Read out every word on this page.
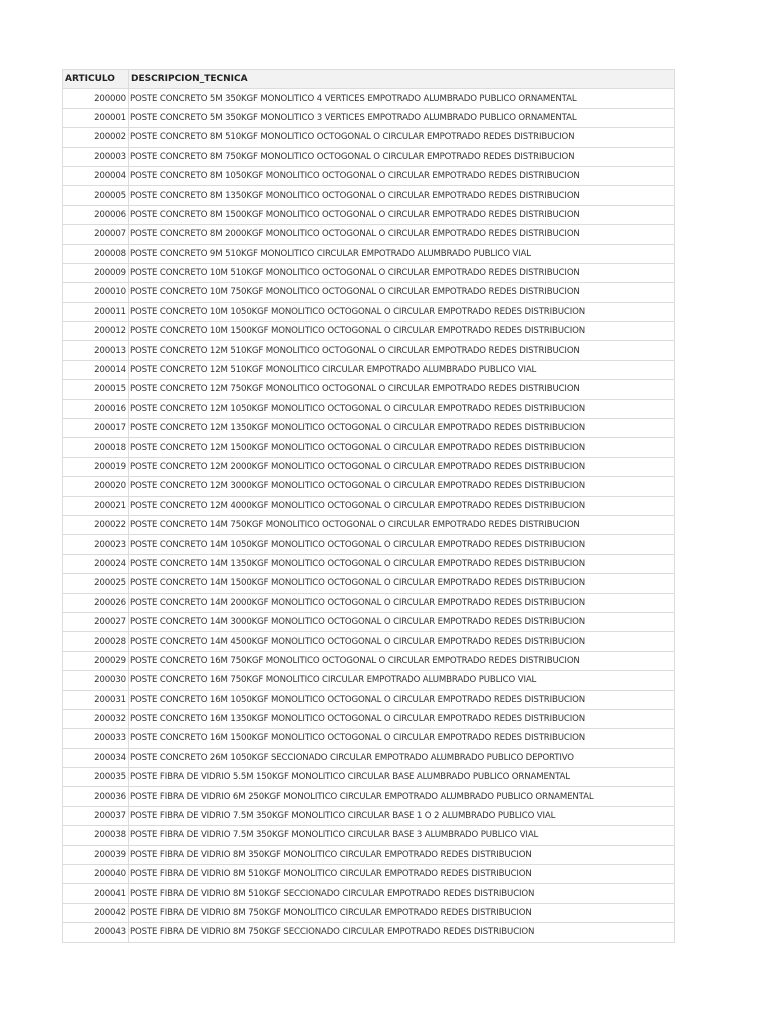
ARTICULO	DESCRIPCION_TECNICA
200000	POSTE CONCRETO 5M 350KGF MONOLITICO 4 VERTICES EMPOTRADO ALUMBRADO PUBLICO ORNAMENTAL
200001	POSTE CONCRETO 5M 350KGF MONOLITICO 3 VERTICES EMPOTRADO ALUMBRADO PUBLICO ORNAMENTAL
200002	POSTE CONCRETO 8M 510KGF MONOLITICO OCTOGONAL O CIRCULAR EMPOTRADO REDES DISTRIBUCION
200003	POSTE CONCRETO 8M 750KGF MONOLITICO OCTOGONAL O CIRCULAR EMPOTRADO REDES DISTRIBUCION
200004	POSTE CONCRETO 8M 1050KGF MONOLITICO OCTOGONAL O CIRCULAR EMPOTRADO REDES DISTRIBUCION
200005	POSTE CONCRETO 8M 1350KGF MONOLITICO OCTOGONAL O CIRCULAR EMPOTRADO REDES DISTRIBUCION
200006	POSTE CONCRETO 8M 1500KGF MONOLITICO OCTOGONAL O CIRCULAR EMPOTRADO REDES DISTRIBUCION
200007	POSTE CONCRETO 8M 2000KGF MONOLITICO OCTOGONAL O CIRCULAR EMPOTRADO REDES DISTRIBUCION
200008	POSTE CONCRETO 9M 510KGF MONOLITICO CIRCULAR EMPOTRADO ALUMBRADO PUBLICO VIAL
200009	POSTE CONCRETO 10M 510KGF MONOLITICO OCTOGONAL O CIRCULAR EMPOTRADO REDES DISTRIBUCION
200010	POSTE CONCRETO 10M 750KGF MONOLITICO OCTOGONAL O CIRCULAR EMPOTRADO REDES DISTRIBUCION
200011	POSTE CONCRETO 10M 1050KGF MONOLITICO OCTOGONAL O CIRCULAR EMPOTRADO REDES DISTRIBUCION
200012	POSTE CONCRETO 10M 1500KGF MONOLITICO OCTOGONAL O CIRCULAR EMPOTRADO REDES DISTRIBUCION
200013	POSTE CONCRETO 12M 510KGF MONOLITICO OCTOGONAL O CIRCULAR EMPOTRADO REDES DISTRIBUCION
200014	POSTE CONCRETO 12M 510KGF MONOLITICO CIRCULAR EMPOTRADO ALUMBRADO PUBLICO VIAL
200015	POSTE CONCRETO 12M 750KGF MONOLITICO OCTOGONAL O CIRCULAR EMPOTRADO REDES DISTRIBUCION
200016	POSTE CONCRETO 12M 1050KGF MONOLITICO OCTOGONAL O CIRCULAR EMPOTRADO REDES DISTRIBUCION
200017	POSTE CONCRETO 12M 1350KGF MONOLITICO OCTOGONAL O CIRCULAR EMPOTRADO REDES DISTRIBUCION
200018	POSTE CONCRETO 12M 1500KGF MONOLITICO OCTOGONAL O CIRCULAR EMPOTRADO REDES DISTRIBUCION
200019	POSTE CONCRETO 12M 2000KGF MONOLITICO OCTOGONAL O CIRCULAR EMPOTRADO REDES DISTRIBUCION
200020	POSTE CONCRETO 12M 3000KGF MONOLITICO OCTOGONAL O CIRCULAR EMPOTRADO REDES DISTRIBUCION
200021	POSTE CONCRETO 12M 4000KGF MONOLITICO OCTOGONAL O CIRCULAR EMPOTRADO REDES DISTRIBUCION
200022	POSTE CONCRETO 14M 750KGF MONOLITICO OCTOGONAL O CIRCULAR EMPOTRADO REDES DISTRIBUCION
200023	POSTE CONCRETO 14M 1050KGF MONOLITICO OCTOGONAL O CIRCULAR EMPOTRADO REDES DISTRIBUCION
200024	POSTE CONCRETO 14M 1350KGF MONOLITICO OCTOGONAL O CIRCULAR EMPOTRADO REDES DISTRIBUCION
200025	POSTE CONCRETO 14M 1500KGF MONOLITICO OCTOGONAL O CIRCULAR EMPOTRADO REDES DISTRIBUCION
200026	POSTE CONCRETO 14M 2000KGF MONOLITICO OCTOGONAL O CIRCULAR EMPOTRADO REDES DISTRIBUCION
200027	POSTE CONCRETO 14M 3000KGF MONOLITICO OCTOGONAL O CIRCULAR EMPOTRADO REDES DISTRIBUCION
200028	POSTE CONCRETO 14M 4500KGF MONOLITICO OCTOGONAL O CIRCULAR EMPOTRADO REDES DISTRIBUCION
200029	POSTE CONCRETO 16M 750KGF MONOLITICO OCTOGONAL O CIRCULAR EMPOTRADO REDES DISTRIBUCION
200030	POSTE CONCRETO 16M 750KGF MONOLITICO CIRCULAR EMPOTRADO ALUMBRADO PUBLICO VIAL
200031	POSTE CONCRETO 16M 1050KGF MONOLITICO OCTOGONAL O CIRCULAR EMPOTRADO REDES DISTRIBUCION
200032	POSTE CONCRETO 16M 1350KGF MONOLITICO OCTOGONAL O CIRCULAR EMPOTRADO REDES DISTRIBUCION
200033	POSTE CONCRETO 16M 1500KGF MONOLITICO OCTOGONAL O CIRCULAR EMPOTRADO REDES DISTRIBUCION
200034	POSTE CONCRETO 26M 1050KGF SECCIONADO CIRCULAR EMPOTRADO ALUMBRADO PUBLICO DEPORTIVO
200035	POSTE FIBRA DE VIDRIO 5.5M 150KGF MONOLITICO CIRCULAR BASE ALUMBRADO PUBLICO ORNAMENTAL
200036	POSTE FIBRA DE VIDRIO 6M 250KGF MONOLITICO CIRCULAR EMPOTRADO ALUMBRADO PUBLICO ORNAMENTAL
200037	POSTE FIBRA DE VIDRIO 7.5M 350KGF MONOLITICO CIRCULAR BASE 1 O 2 ALUMBRADO PUBLICO VIAL
200038	POSTE FIBRA DE VIDRIO 7.5M 350KGF MONOLITICO CIRCULAR BASE 3 ALUMBRADO PUBLICO VIAL
200039	POSTE FIBRA DE VIDRIO 8M 350KGF MONOLITICO CIRCULAR EMPOTRADO REDES DISTRIBUCION
200040	POSTE FIBRA DE VIDRIO 8M 510KGF MONOLITICO CIRCULAR EMPOTRADO REDES DISTRIBUCION
200041	POSTE FIBRA DE VIDRIO 8M 510KGF SECCIONADO CIRCULAR EMPOTRADO REDES DISTRIBUCION
200042	POSTE FIBRA DE VIDRIO 8M 750KGF MONOLITICO CIRCULAR EMPOTRADO REDES DISTRIBUCION
200043	POSTE FIBRA DE VIDRIO 8M 750KGF SECCIONADO CIRCULAR EMPOTRADO REDES DISTRIBUCION
